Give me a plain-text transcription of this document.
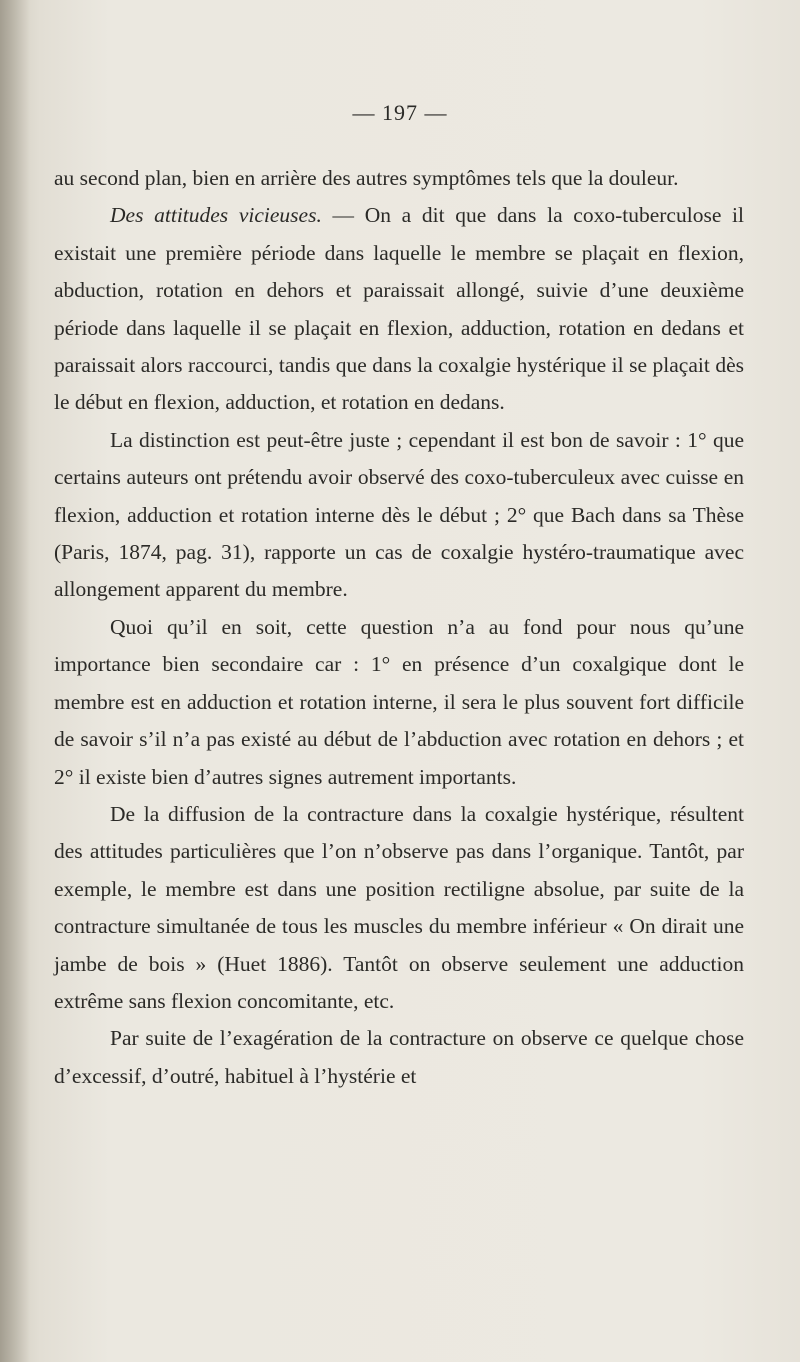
— 197 —

au second plan, bien en arrière des autres symptômes tels que la douleur.

Des attitudes vicieuses. — On a dit que dans la coxo-tuberculose il existait une première période dans laquelle le membre se plaçait en flexion, abduction, rotation en dehors et paraissait allongé, suivie d’une deuxième période dans laquelle il se plaçait en flexion, adduction, rotation en dedans et paraissait alors raccourci, tandis que dans la coxalgie hystérique il se plaçait dès le début en flexion, adduction, et rotation en dedans.

La distinction est peut-être juste ; cependant il est bon de savoir : 1° que certains auteurs ont prétendu avoir observé des coxo-tuberculeux avec cuisse en flexion, adduction et rotation interne dès le début ; 2° que Bach dans sa Thèse (Paris, 1874, pag. 31), rapporte un cas de coxalgie hystéro-traumatique avec allongement apparent du membre.

Quoi qu’il en soit, cette question n’a au fond pour nous qu’une importance bien secondaire car : 1° en présence d’un coxalgique dont le membre est en adduction et rotation interne, il sera le plus souvent fort difficile de savoir s’il n’a pas existé au début de l’abduction avec rotation en dehors ; et 2° il existe bien d’autres signes autrement importants.

De la diffusion de la contracture dans la coxalgie hystérique, résultent des attitudes particulières que l’on n’observe pas dans l’organique. Tantôt, par exemple, le membre est dans une position rectiligne absolue, par suite de la contracture simultanée de tous les muscles du membre inférieur « On dirait une jambe de bois » (Huet 1886). Tantôt on observe seulement une adduction extrême sans flexion concomitante, etc.

Par suite de l’exagération de la contracture on observe ce quelque chose d’excessif, d’outré, habituel à l’hystérie et
